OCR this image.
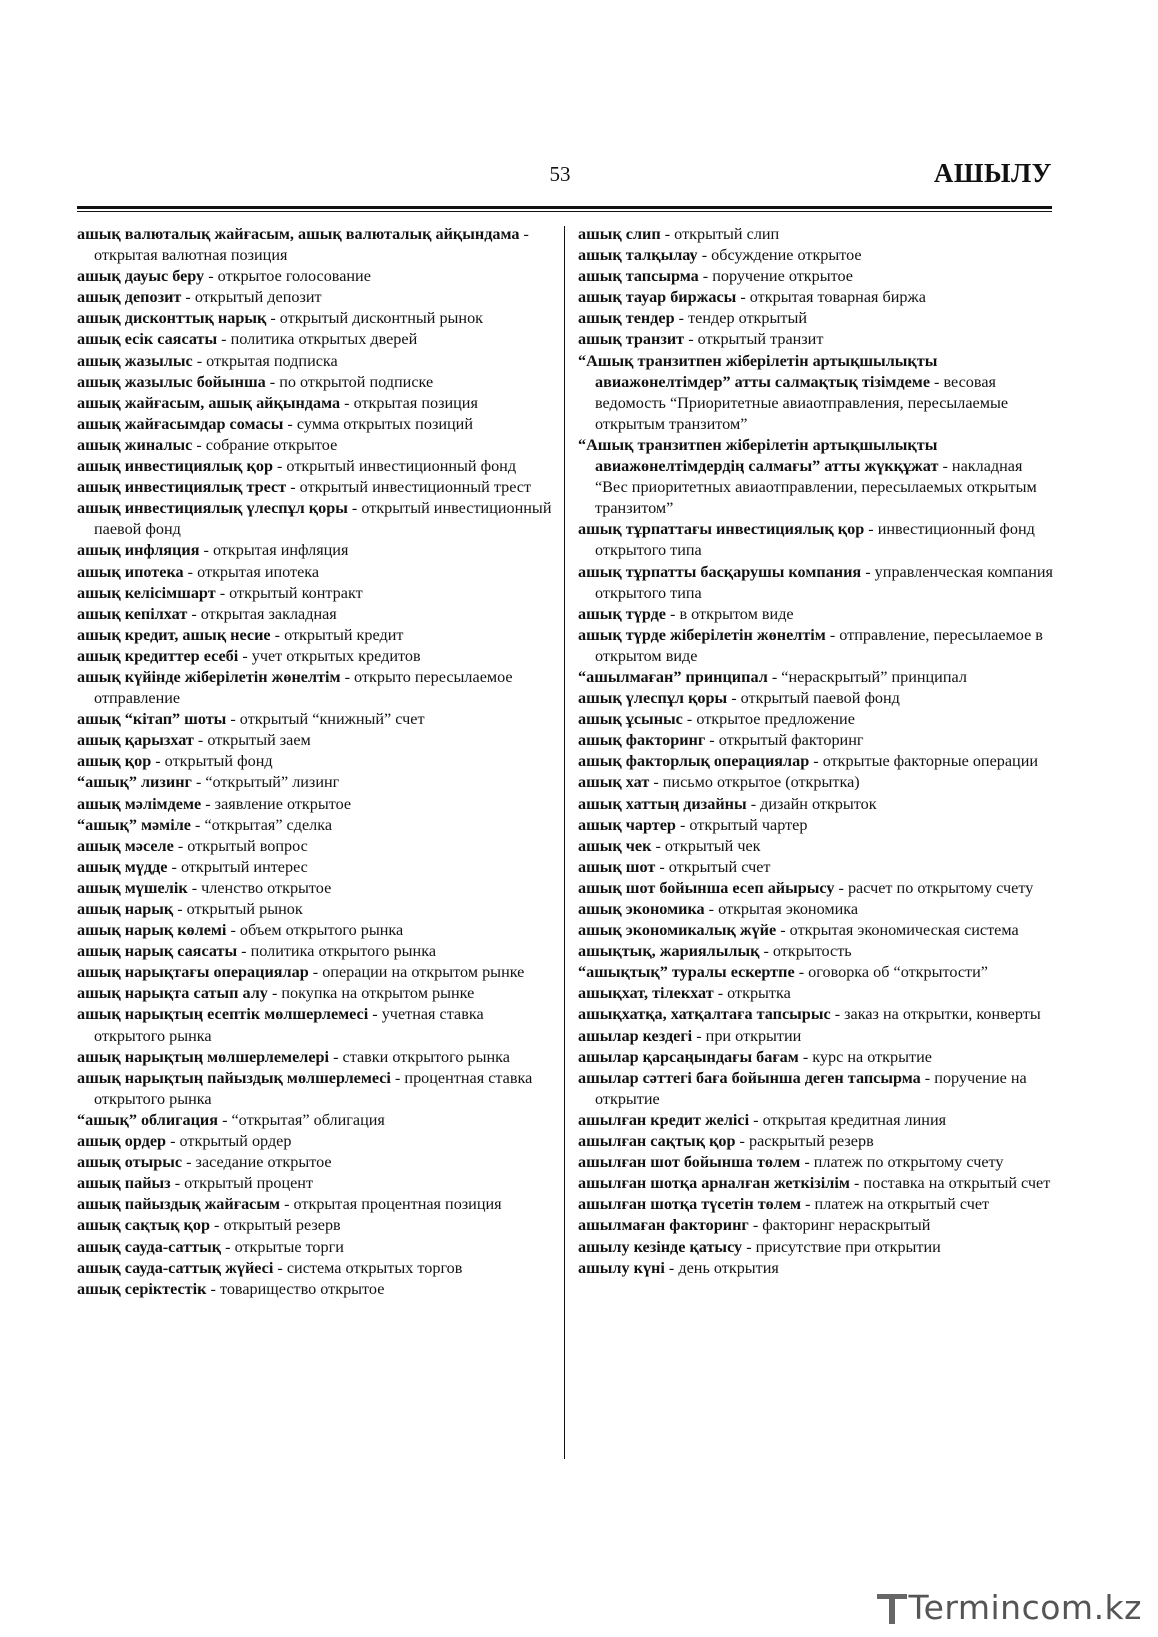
53	АШЫЛУ

ашық валюталық жайғасым, ашық валюталық айқындама - открытая валютная позиция

ашық дауыс беру - открытое голосование

ашық депозит - открытый депозит

ашық дисконттық нарық - открытый дисконтный рынок

ашық есік саясаты - политика открытых дверей

ашық жазылыс - открытая подписка

ашық жазылыс бойынша - по открытой подписке

ашық жайғасым, ашық айқындама - открытая позиция

ашық жайғасымдар сомасы - сумма открытых позиций

ашық жиналыс - собрание открытое

ашық инвестициялық қор - открытый инвестиционный фонд

ашық инвестициялық трест - открытый инвестиционный трест

ашық инвестициялық үлеспұл қоры - открытый инвестиционный паевой фонд

ашық инфляция - открытая инфляция

ашық ипотека - открытая ипотека

ашық келісімшарт - открытый контракт

ашық кепілхат - открытая закладная

ашық кредит, ашық несие - открытый кредит

ашық кредиттер есебі - учет открытых кредитов

ашық күйінде жіберілетін жөнелтім - открыто пересылаемое отправление

ашық “кітап” шоты - открытый “книжный” счет

ашық қарызхат - открытый заем

ашық қор - открытый фонд

“ашық” лизинг - “открытый” лизинг

ашық мәлімдеме - заявление открытое

“ашық” мәміле - “открытая” сделка

ашық мәселе - открытый вопрос

ашық мүдде - открытый интерес

ашық мүшелік - членство открытое

ашық нарық - открытый рынок

ашық нарық көлемі - объем открытого рынка

ашық нарық саясаты - политика открытого рынка

ашық нарықтағы операциялар - операции на открытом рынке

ашық нарықта сатып алу - покупка на открытом рынке

ашық нарықтың есептік мөлшерлемесі - учетная ставка открытого рынка

ашық нарықтың мөлшерлемелері - ставки открытого рынка

ашық нарықтың пайыздық мөлшерлемесі - процентная ставка открытого рынка

“ашық” облигация - “открытая” облигация

ашық ордер - открытый ордер

ашық отырыс - заседание открытое

ашық пайыз - открытый процент

ашық пайыздық жайғасым - открытая процентная позиция

ашық сақтық қор - открытый резерв

ашық сауда-саттық - открытые торги

ашық сауда-саттық жүйесі - система открытых торгов

ашық серіктестік - товарищество открытое

ашық слип - открытый слип

ашық талқылау - обсуждение открытое

ашық тапсырма - поручение открытое

ашық тауар биржасы - открытая товарная биржа

ашық тендер - тендер открытый

ашық транзит - открытый транзит

“Ашық транзитпен жіберілетін артықшылықты авиажөнелтімдер” атты салмақтық тізімдеме - весовая ведомость “Приоритетные авиаотправления, пересылаемые открытым транзитом”

“Ашық транзитпен жіберілетін артықшылықты авиажөнелтімдердің салмағы” атты жүкқұжат - накладная “Вес приоритетных авиаотправлении, пересылаемых открытым транзитом”

ашық тұрпаттағы инвестициялық қор - инвестиционный фонд открытого типа

ашық тұрпатты басқарушы компания - управленческая компания открытого типа

ашық түрде - в открытом виде

ашық түрде жіберілетін жөнелтім - отправление, пересылаемое в открытом виде

“ашылмаған” принципал - “нераскрытый” принципал

ашық үлеспұл қоры - открытый паевой фонд

ашық ұсыныс - открытое предложение

ашық факторинг - открытый факторинг

ашық факторлық операциялар - открытые факторные операции

ашық хат - письмо открытое (открытка)

ашық хаттың дизайны - дизайн открыток

ашық чартер - открытый чартер

ашық чек - открытый чек

ашық шот - открытый счет

ашық шот бойынша есеп айырысу - расчет по открытому счету

ашық экономика - открытая экономика

ашық экономикалық жүйе - открытая экономическая система

ашықтық, жариялылық - открытость

“ашықтық” туралы ескертпе - оговорка об “открытости”

ашықхат, тілекхат - открытка

ашықхатқа, хатқалтаға тапсырыс - заказ на открытки, конверты

ашылар кездегі - при открытии

ашылар қарсаңындағы бағам - курс на открытие

ашылар сәттегі баға бойынша деген тапсырма - поручение на открытие

ашылған кредит желісі - открытая кредитная линия

ашылған сақтық қор - раскрытый резерв

ашылған шот бойынша төлем - платеж по открытому счету

ашылған шотқа арналған жеткізілім - поставка на открытый счет

ашылған шотқа түсетін төлем - платеж на открытый счет

ашылмаған факторинг - факторинг нераскрытый

ашылу кезінде қатысу - присутствие при открытии

ашылу күні - день открытия

Termincom.kz
